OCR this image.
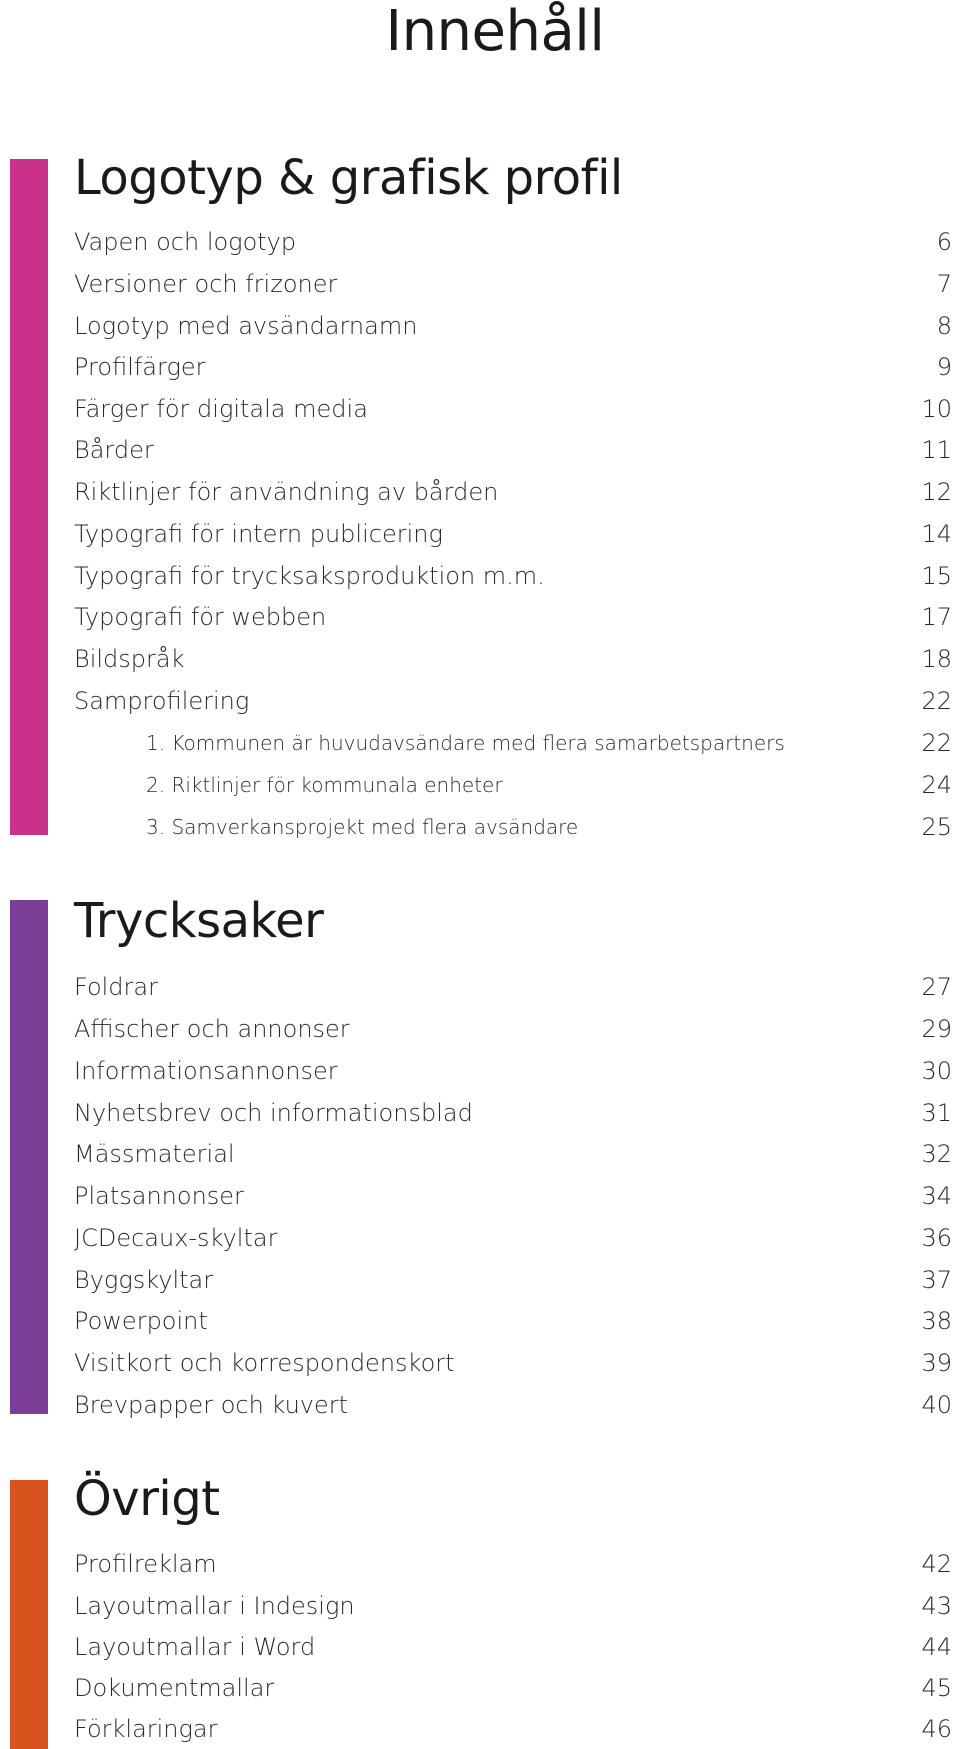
Innehåll
Logotyp & grafisk profil
Vapen och logotyp	6
Versioner och frizoner	7
Logotyp med avsändarnamn	8
Profilfärger	9
Färger för digitala media	10
Bårder	11
Riktlinjer för användning av bården	12
Typografi för intern publicering	14
Typografi för trycksaksproduktion m.m.	15
Typografi för webben	17
Bildspråk	18
Samprofilering	22
1. Kommunen är huvudavsändare med flera samarbetspartners	22
2. Riktlinjer för kommunala enheter	24
3. Samverkansprojekt med flera avsändare	25
Trycksaker
Foldrar	27
Affischer och annonser	29
Informationsannonser	30
Nyhetsbrev och informationsblad	31
Mässmaterial	32
Platsannonser	34
JCDecaux-skyltar	36
Byggskyltar	37
Powerpoint	38
Visitkort och korrespondenskort	39
Brevpapper och kuvert	40
Övrigt
Profilreklam	42
Layoutmallar i Indesign	43
Layoutmallar i Word	44
Dokumentmallar	45
Förklaringar	46
